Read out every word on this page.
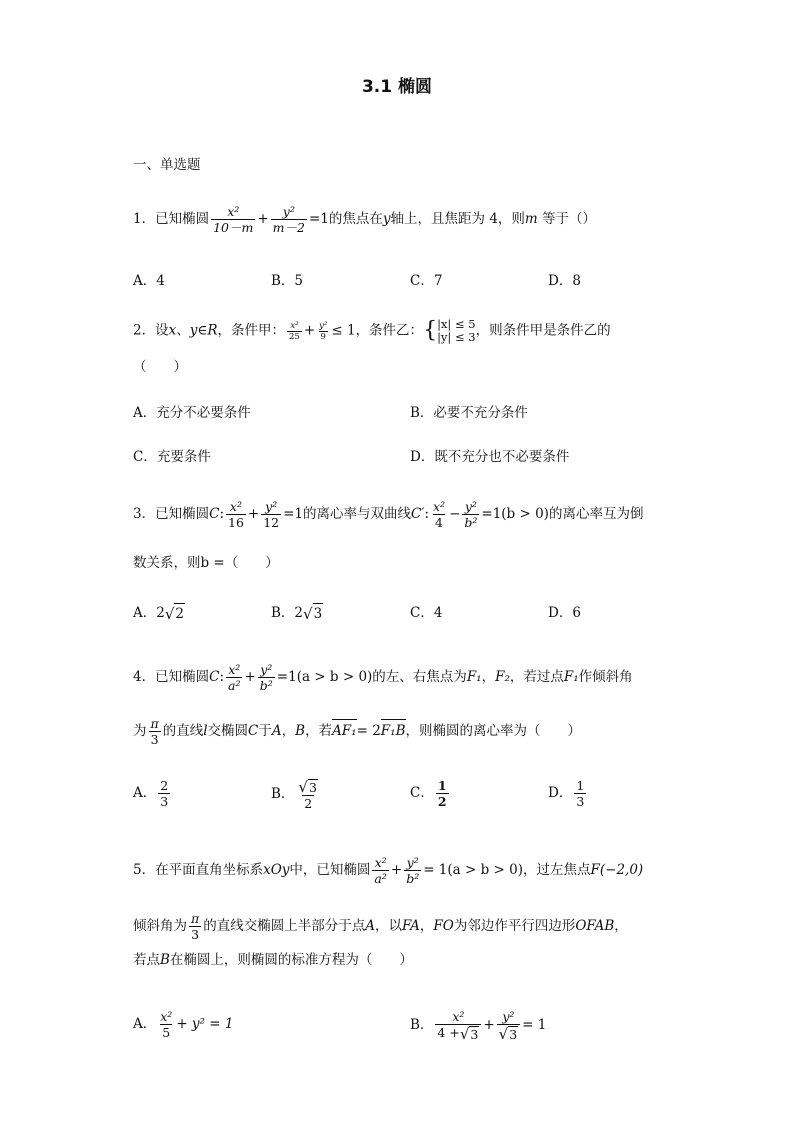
3.1 椭圆
一、单选题
1．已知椭圆 $\frac{\text{x²}}{10-m} + \frac{\text{y²}}{m-2} =1$的焦点在y轴上，且焦距为 4，则m 等于（）
A．4	B．5	C．7	D．8
2．设x、y∈R，条件甲： $\frac{\text{x²}}{25} + \frac{\text{y²}}{9} \le 1$，条件乙：{ |x| ≤ 5
|y| ≤ 3 ，则条件甲是条件乙的
（　　）
A．充分不必要条件	B．必要不充分条件
C．充要条件	D．既不充分也不必要条件
3．已知椭圆C: $\frac{\text{x²}}{16} + \frac{\text{y²}}{12} =1$的离心率与双曲线C′: $\frac{\text{x²}}{4} - \frac{\text{y²}}{\text{b²}} =1(b > 0)$的离心率互为倒
数关系，则b =（　　）
A．2 √ 2	B．2 √ 3	C．4	D．6
4．已知椭圆C: $\frac{\text{x²}}{\text{a²}} + \frac{\text{y²}}{\text{b²}} =1(a > b > 0)$的左、右焦点为F₁，F₂，若过点F₁作倾斜角
为 $\frac{\pi}{3}$ 的直线l交椭圆C于A，B，若AF₁= 2F₁B，则椭圆的离心率为（　　）
A． $\frac{2}{3}$	B． $\frac{√ 3}{2}$	C． $\frac{1}{2}$	D． $\frac{1}{3}$
5．在平面直角坐标系xOy中，已知椭圆 $\frac{\text{x²}}{\text{a²}} + \frac{\text{y²}}{\text{b²}} = 1(a > b > 0)$，过左焦点F(−2,0)
倾斜角为 $\frac{\pi}{3}$ 的直线交椭圆上半部分于点A，以FA，FO为邻边作平行四边形OFAB，
若点B在椭圆上，则椭圆的标准方程为（　　）
A． $\frac{\text{x²}}{5} + y^2 = 1$	B． $\frac{\text{x²}}{4 + √ 3} + \frac{\text{y²}}{√ 3} = 1$
